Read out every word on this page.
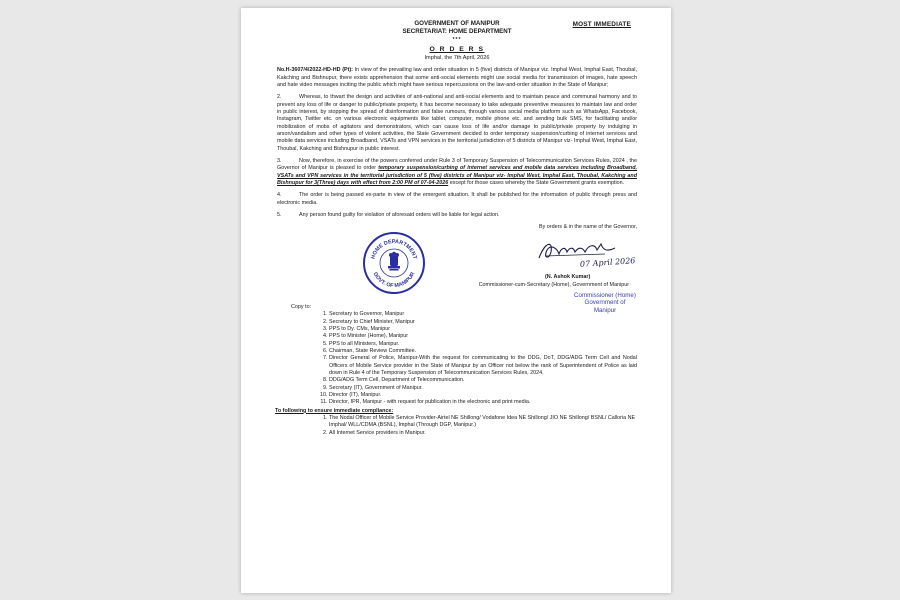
MOST IMMEDIATE
GOVERNMENT OF MANIPUR
SECRETARIAT: HOME DEPARTMENT
***
O R D E R S
Imphal, the 7th April, 2026

No.H-3607/4/2022-HD-HD (Pt): In view of the prevailing law and order situation in 5 (five) districts of Manipur viz. Imphal West, Imphal East, Thoubal, Kakching and Bishnupur, there exists apprehension that some anti-social elements might use social media for transmission of images, hate speech and hate video messages inciting the public which might have serious repercussions on the law-and-order situation in the State of Manipur;

2.	Whereas, to thwart the design and activities of anti-national and anti-social elements and to maintain peace and communal harmony and to prevent any loss of life or danger to public/private property, it has become necessary to take adequate preventive measures to maintain law and order in public interest, by stopping the spread of disinformation and false rumours, through various social media platform such as WhatsApp, Facebook, Instagram, Twitter etc. on various electronic equipments like tablet, computer, mobile phone etc. and sending bulk SMS, for facilitating and/or mobilization of mobs of agitators and demonstrators, which can cause loss of life and/or damage to public/private property by indulging in arson/vandalism and other types of violent activities, the State Government decided to order temporary suspension/curbing of internet services and mobile data services including Broadband, VSATs and VPN services in the territorial jurisdiction of 5 districts of Manipur viz- Imphal West, Imphal East, Thoubal, Kakching and Bishnupur in public interest.

3.	Now, therefore, in exercise of the powers conferred under Rule 3 of Temporary Suspension of Telecommunication Services Rules, 2024 , the Governor of Manipur is pleased to order temporary suspension/curbing of internet services and mobile data services including Broadband, VSATs and VPN services in the territorial jurisdiction of 5 (five) districts of Manipur viz- Imphal West, Imphal East, Thoubal, Kakching and Bishnupur for 3(Three) days with effect from 2:00 PM of 07-04-2026 except for those cases whereby the State Government grants exemption.

4.	The order is being passed ex-parte in view of the emergent situation. It shall be published for the information of public through press and electronic media.

5.	Any person found guilty for violation of aforesaid orders will be liable for legal action.

By orders & in the name of the Governor,
HOME DEPARTMENT
GOVT. OF MANIPUR
07 April 2026
(N. Ashok Kumar)
Commissioner-cum-Secretary (Home), Government of Manipur
Commissioner (Home)
Government of Manipur
Copy to:
1. Secretary to Governor, Manipur
2. Secretary to Chief Minister, Manipur
3. PPS to Dy. CMs, Manipur
4. PPS to Minister (Home), Manipur
5. PPS to all Ministers, Manipur.
6. Chairman, State Review Committee.
7. Director General of Police, Manipur-With the request for communicating to the DDG, DoT, DDG/ADG Term Cell and Nodal Officers of Mobile Service provider in the State of Manipur by an Officer not below the rank of Superintendent of Police as laid down in Rule 4 of the Temporary Suspension of Telecommunication Services Rules, 2024.
8. DDG/ADG Term Cell, Department of Telecommunication.
9. Secretary (IT), Government of Manipur.
10. Director (IT), Manipur.
11. Director, IPR, Manipur - with request for publication in the electronic and print media.
To following to ensure immediate compliance:
1. The Nodal Officer of Mobile Service Provider-Airtel NE Shillong/ Vodafone Idea NE Shillong/ JIO NE Shillong/ BSNL/ Calloria NE Imphal/ WLL/CDMA (BSNL), Imphal (Through DGP, Manipur.)
2. All Internet Service providers in Manipur.
